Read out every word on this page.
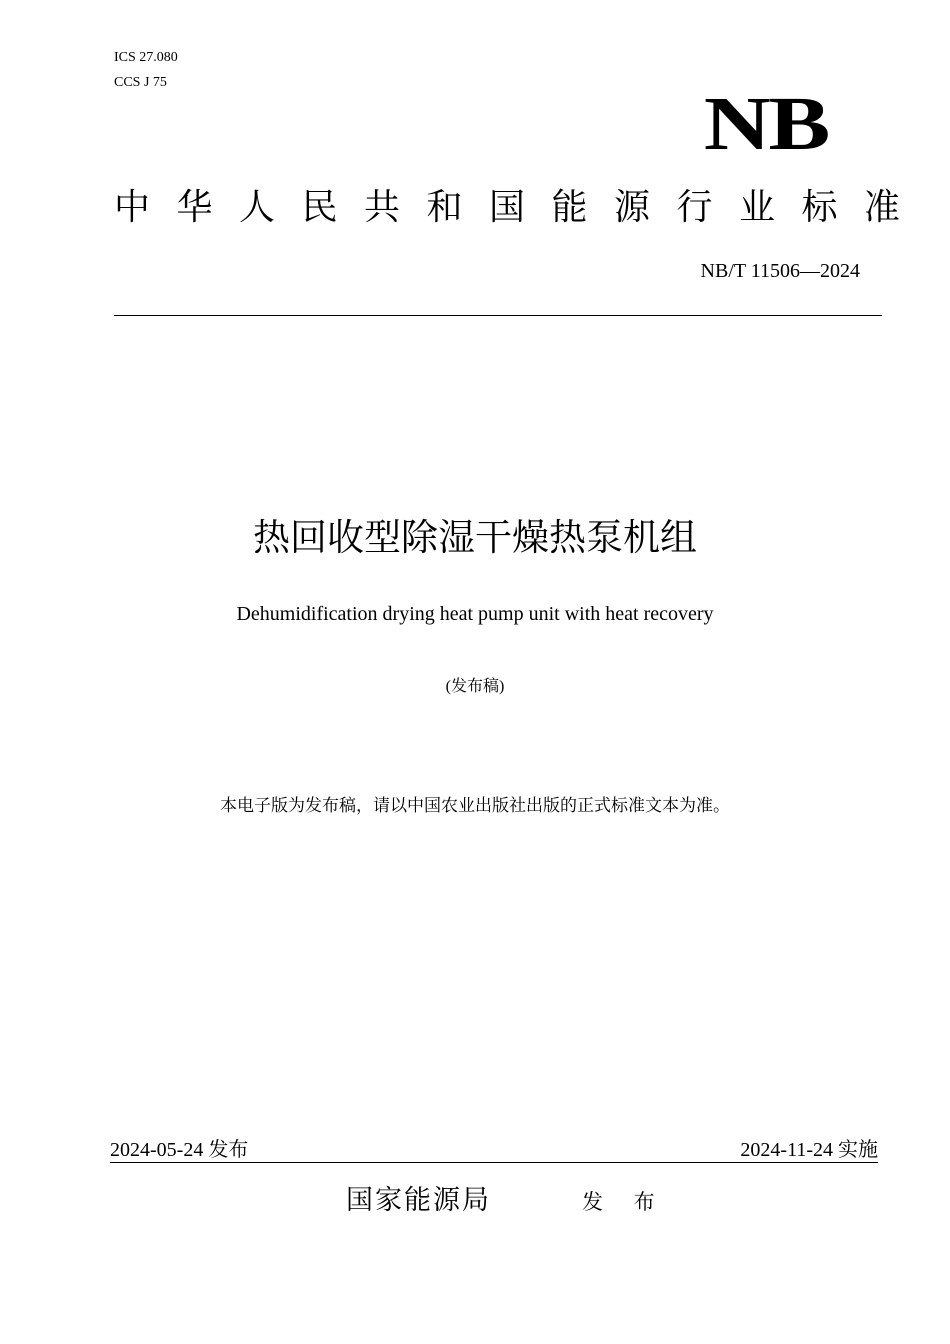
ICS 27.080
CCS J 75	NB
中华人民共和国能源行业标准
NB/T 11506—2024
热回收型除湿干燥热泵机组
Dehumidification drying heat pump unit with heat recovery
(发布稿)
本电子版为发布稿，请以中国农业出版社出版的正式标准文本为准。
2024-05-24 发布	2024-11-24 实施
国家能源局	发 布
